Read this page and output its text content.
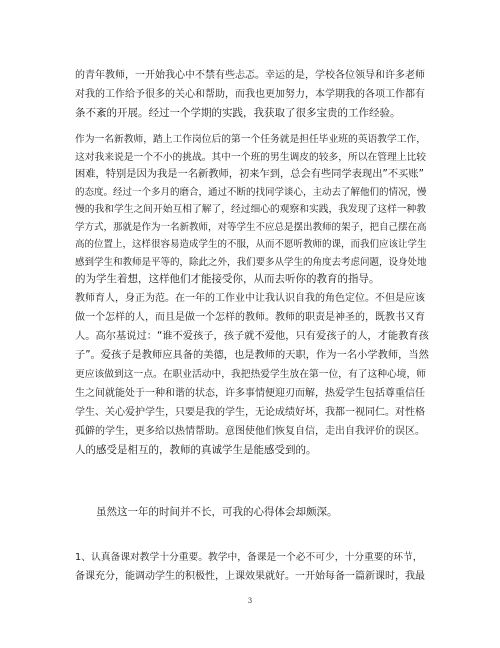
的青年教师，一开始我心中不禁有些忐忑。幸运的是，学校各位领导和许多老师
对我的工作给予很多的关心和帮助，而我也更加努力，本学期我的各项工作都有
条不紊的开展。经过一个学期的实践，我获取了很多宝贵的工作经验。
作为一名新教师，踏上工作岗位后的第一个任务就是担任毕业班的英语教学工作，
这对我来说是一个不小的挑战。其中一个班的男生调皮的较多，所以在管理上比较
困难，特别是因为我是一名新教师，初来乍到，总会有些同学表现出”不买账”
的态度。经过一个多月的磨合，通过不断的找同学谈心，主动去了解他们的情况，慢
慢的我和学生之间开始互相了解了，经过细心的观察和实践，我发现了这样一种教
学方式，那就是作为一名新教师，对等学生不应总是摆出教师的架子，把自己摆在高
高的位置上，这样很容易造成学生的不服，从而不愿听教师的课，而我们应该让学生
感到学生和教师是平等的，除此之外，我们要多从学生的角度去考虑问题，设身处地
的为学生着想，这样他们才能接受你，从而去听你的教育的指导。
教师育人，身正为范。在一年的工作业中让我认识自我的角色定位。不但是应该
做一个怎样的人，而且是做一个怎样的教师。教师的职责是神圣的，既教书又育
人。高尔基说过：“谁不爱孩子，孩子就不爱他，只有爱孩子的人，才能教育孩
子”。爱孩子是教师应具备的美德，也是教师的天职，作为一名小学教师，当然
更应该做到这一点。在职业活动中，我把热爱学生放在第一位，有了这种心境，师
生之间就能处于一种和谐的状态，许多事情便迎刃而解，热爱学生包括尊重信任
学生、关心爱护学生，只要是我的学生，无论成绩好坏，我都一视同仁。对性格
孤僻的学生，更多给以热情帮助。意图使他们恢复自信，走出自我评价的误区。
人的感受是相互的，教师的真诚学生是能感受到的。
　　虽然这一年的时间并不长，可我的心得体会却颇深。
1、认真备课对教学十分重要。教学中，备课是一个必不可少，十分重要的环节，
备课充分，能调动学生的积极性，上课效果就好。一开始每备一篇新课时，我最
3
